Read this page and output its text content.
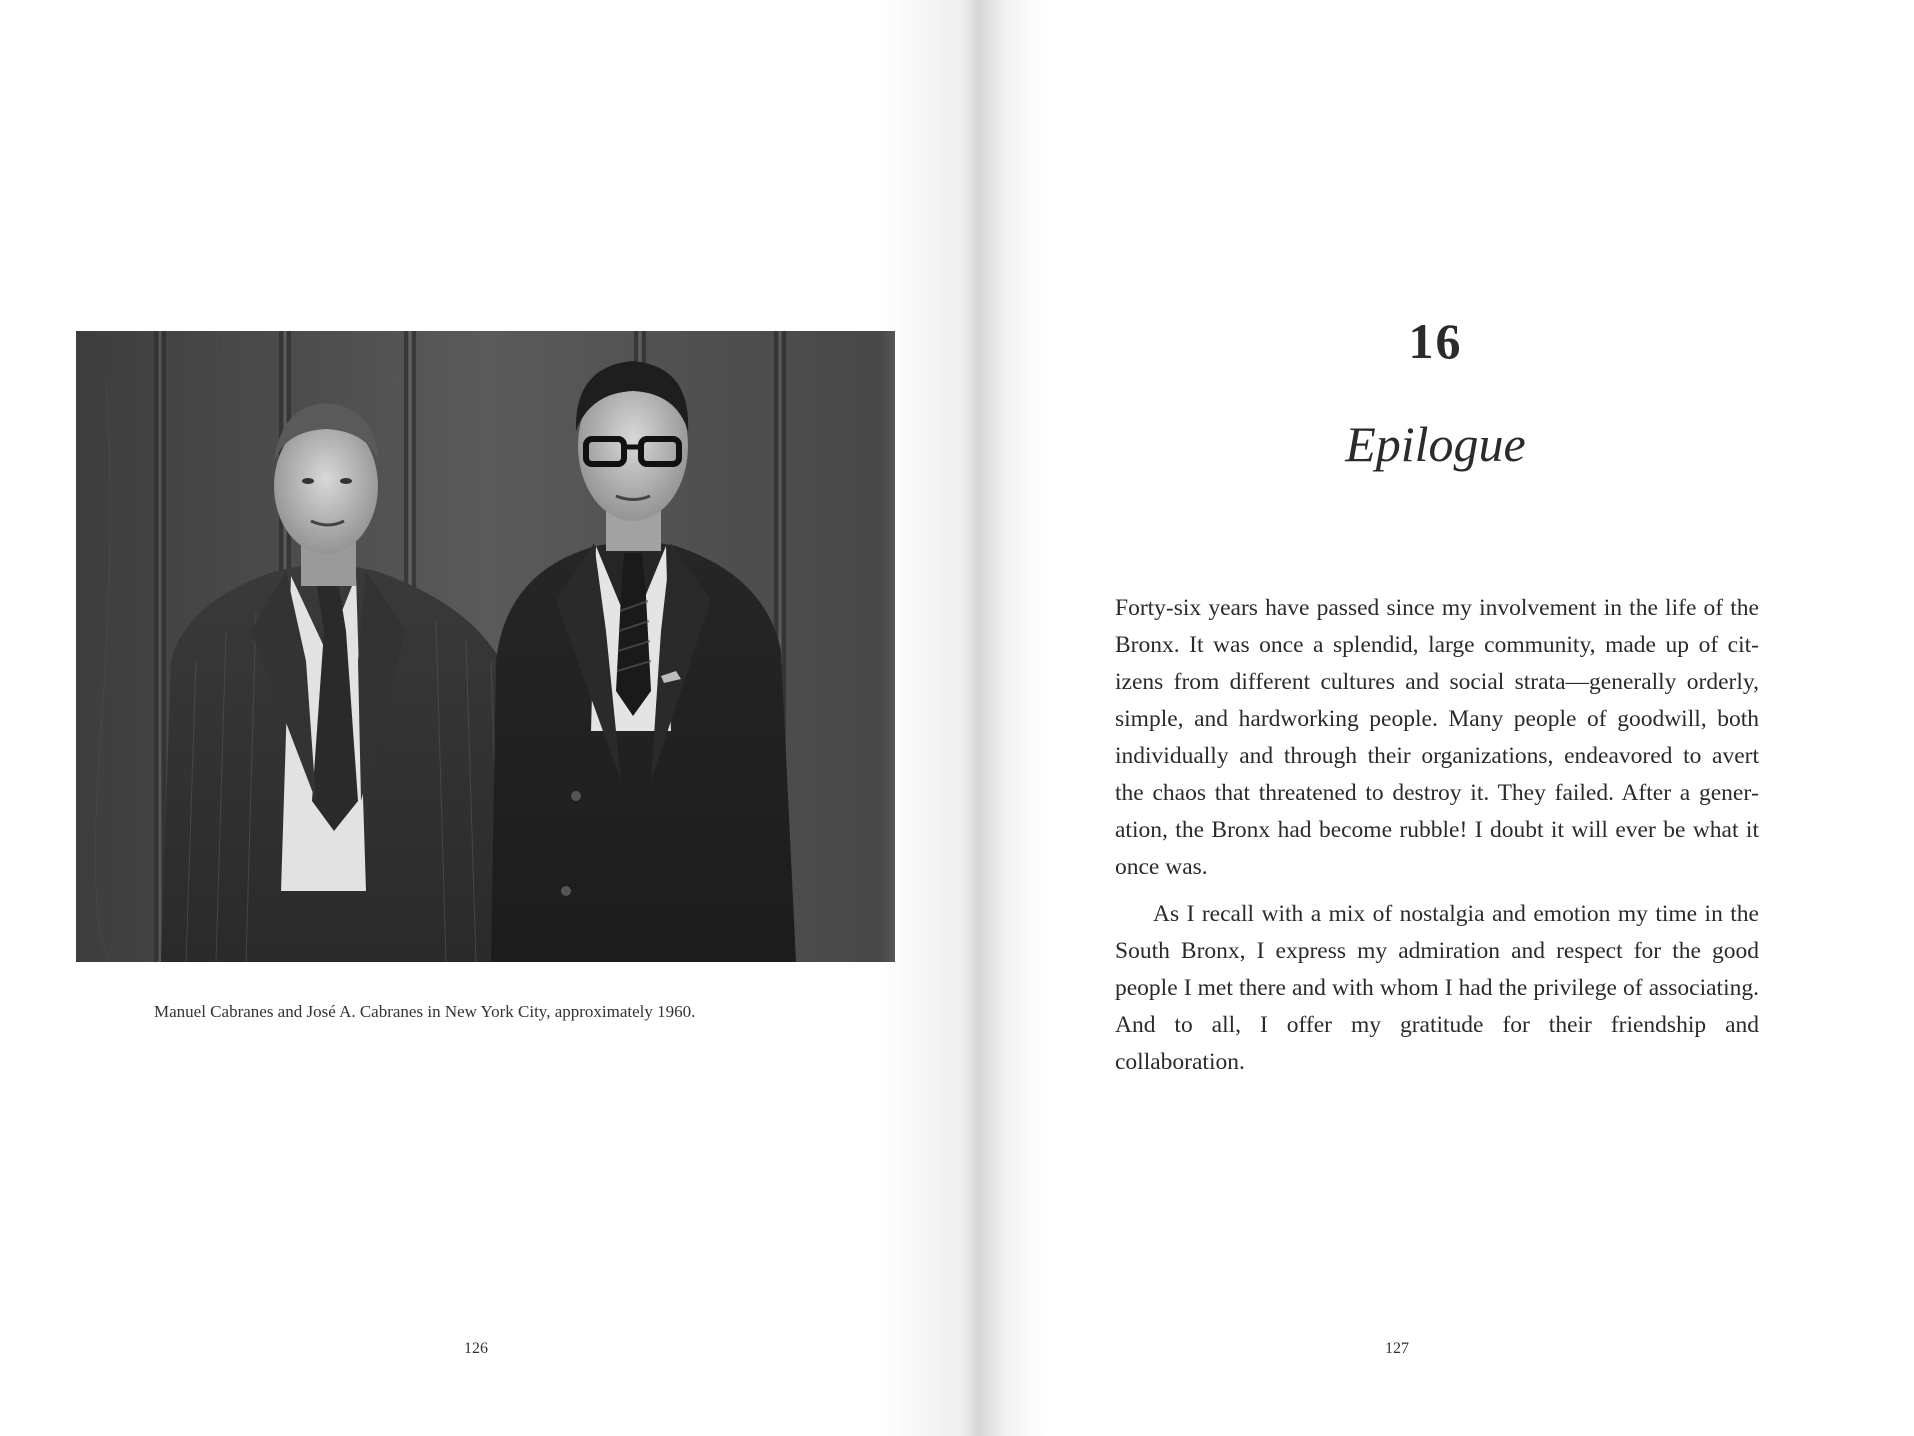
Manuel Cabranes and José A. Cabranes in New York City, approximately 1960.
126
16
Epilogue

Forty-six years have passed since my involvement in the life of the Bronx. It was once a splendid, large community, made up of citizens from different cultures and social strata—generally orderly, simple, and hardworking people. Many people of goodwill, both individually and through their organizations, endeavored to avert the chaos that threatened to destroy it. They failed. After a generation, the Bronx had become rubble! I doubt it will ever be what it once was.

As I recall with a mix of nostalgia and emotion my time in the South Bronx, I express my admiration and respect for the good people I met there and with whom I had the privilege of associating. And to all, I offer my gratitude for their friendship and collaboration.

127
